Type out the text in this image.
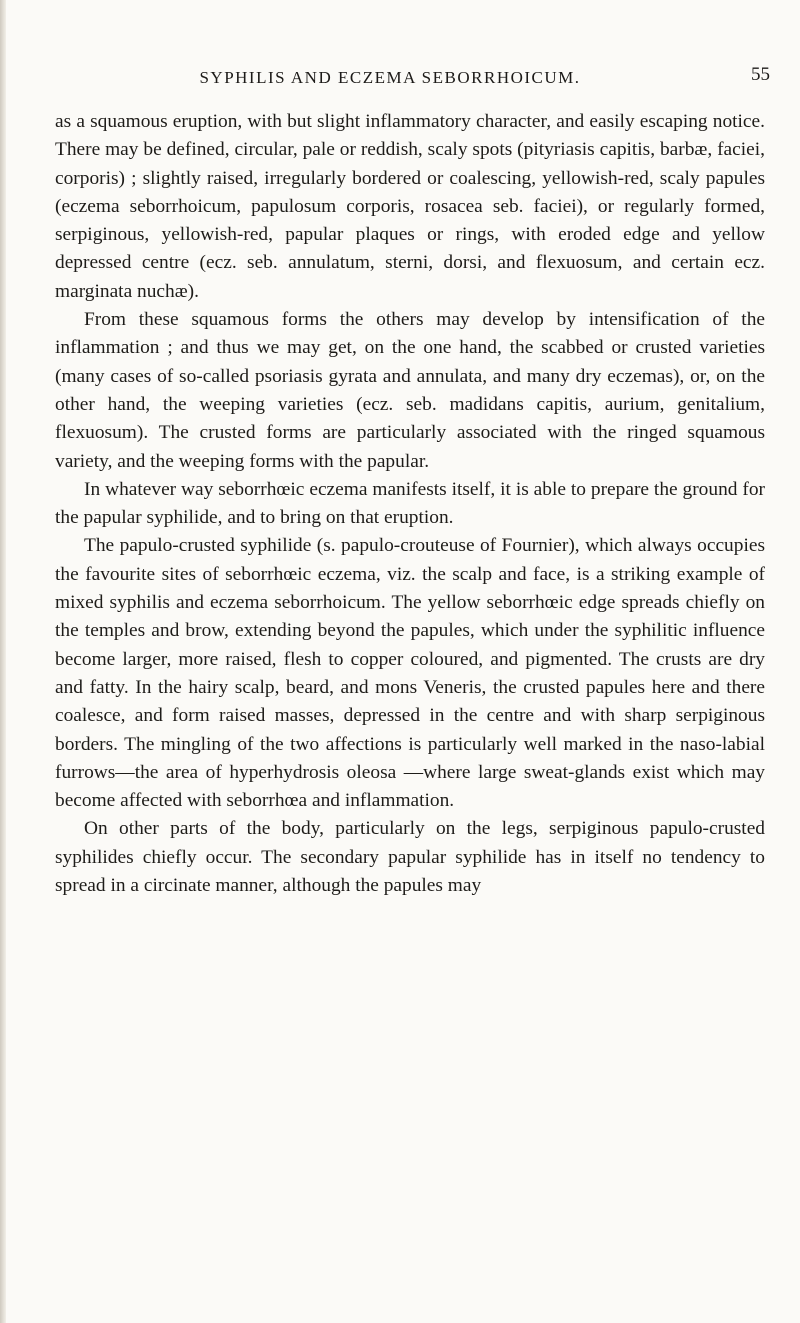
SYPHILIS AND ECZEMA SEBORRHOICUM.	55

as a squamous eruption, with but slight inflammatory character, and easily escaping notice. There may be defined, circular, pale or reddish, scaly spots (pityriasis capitis, barbæ, faciei, corporis) ; slightly raised, irregularly bordered or coalescing, yellowish-red, scaly papules (eczema seborrhoicum, papulosum corporis, rosacea seb. faciei), or regularly formed, serpiginous, yellowish-red, papular plaques or rings, with eroded edge and yellow depressed centre (ecz. seb. annulatum, sterni, dorsi, and flexuosum, and certain ecz. marginata nuchæ).

From these squamous forms the others may develop by intensification of the inflammation ; and thus we may get, on the one hand, the scabbed or crusted varieties (many cases of so-called psoriasis gyrata and annulata, and many dry eczemas), or, on the other hand, the weeping varieties (ecz. seb. madidans capitis, aurium, genitalium, flexuosum). The crusted forms are particularly associated with the ringed squamous variety, and the weeping forms with the papular.

In whatever way seborrhœic eczema manifests itself, it is able to prepare the ground for the papular syphilide, and to bring on that eruption.

The papulo-crusted syphilide (s. papulo-crouteuse of Fournier), which always occupies the favourite sites of seborrhœic eczema, viz. the scalp and face, is a striking example of mixed syphilis and eczema seborrhoicum. The yellow seborrhœic edge spreads chiefly on the temples and brow, extending beyond the papules, which under the syphilitic influence become larger, more raised, flesh to copper coloured, and pigmented. The crusts are dry and fatty. In the hairy scalp, beard, and mons Veneris, the crusted papules here and there coalesce, and form raised masses, depressed in the centre and with sharp serpiginous borders. The mingling of the two affections is particularly well marked in the naso-labial furrows—the area of hyperhydrosis oleosa —where large sweat-glands exist which may become affected with seborrhœa and inflammation.

On other parts of the body, particularly on the legs, serpiginous papulo-crusted syphilides chiefly occur. The secondary papular syphilide has in itself no tendency to spread in a circinate manner, although the papules may
